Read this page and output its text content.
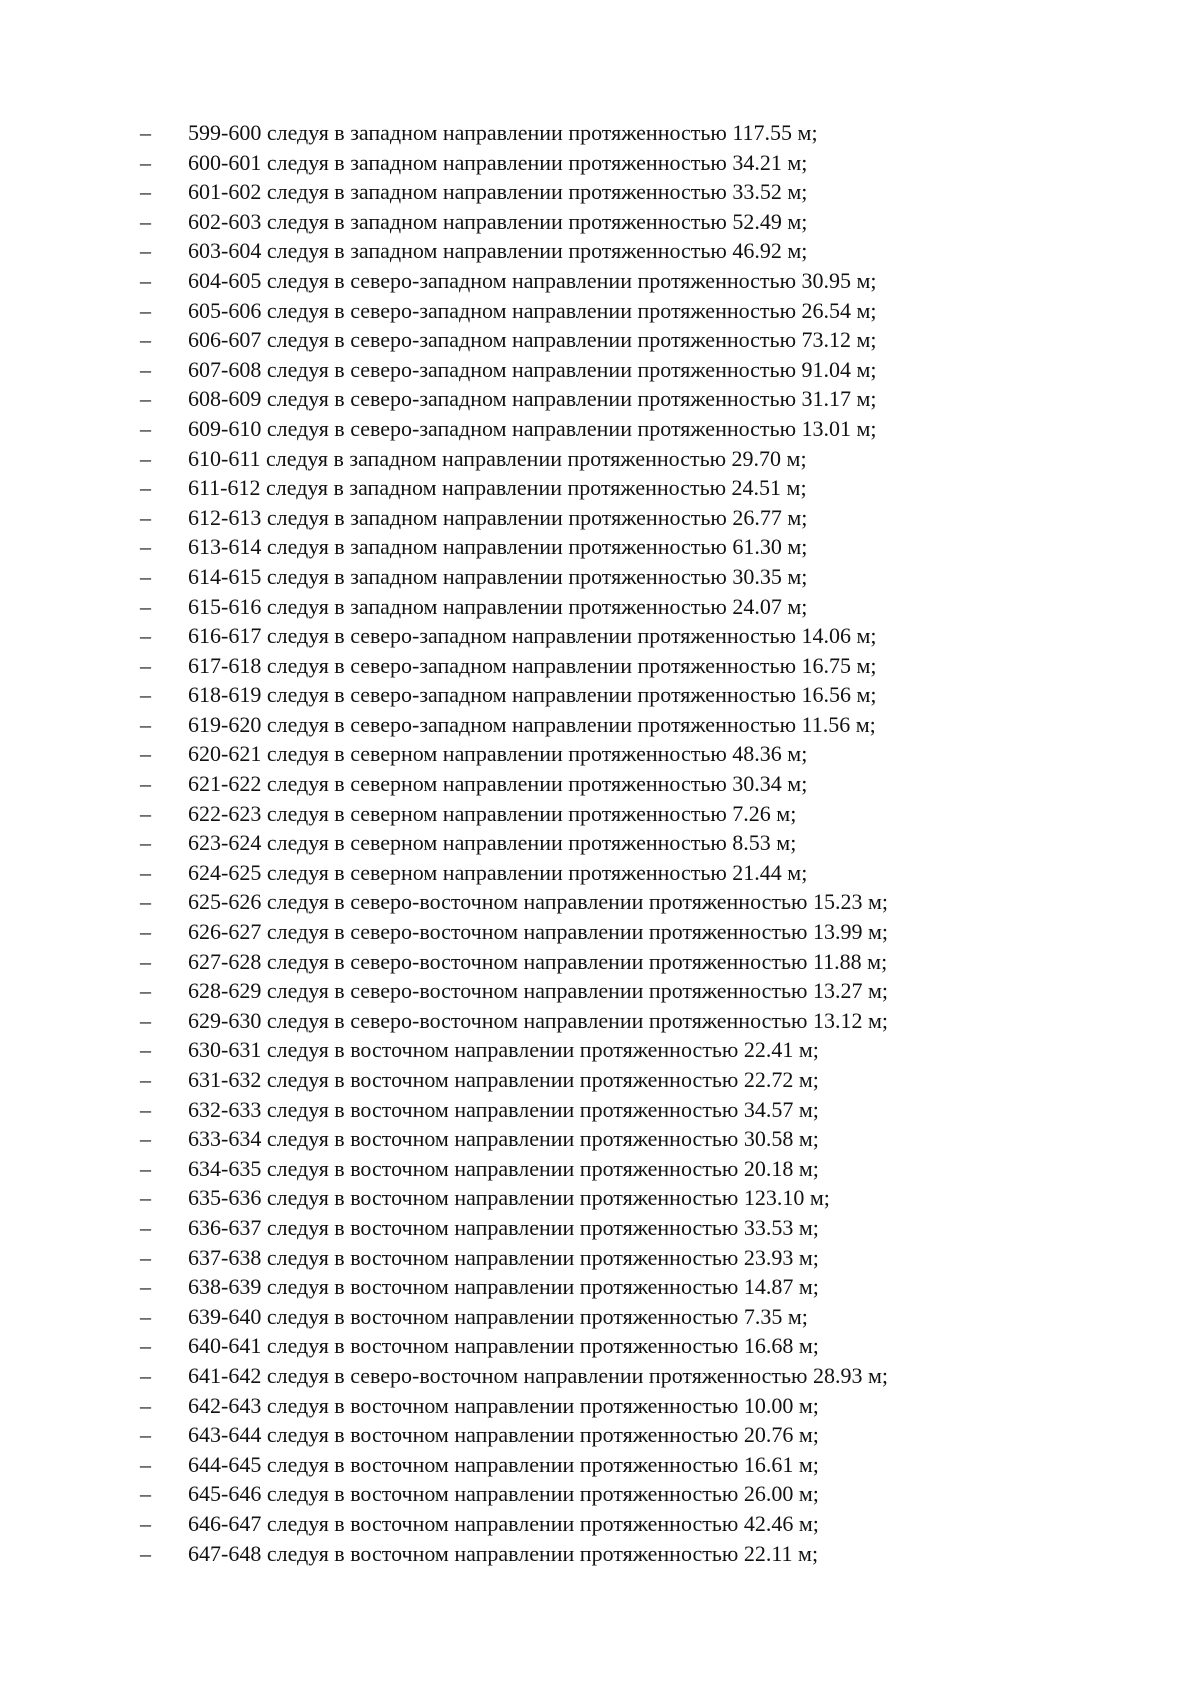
–	599-600 следуя в западном направлении протяженностью 117.55 м;
–	600-601 следуя в западном направлении протяженностью 34.21 м;
–	601-602 следуя в западном направлении протяженностью 33.52 м;
–	602-603 следуя в западном направлении протяженностью 52.49 м;
–	603-604 следуя в западном направлении протяженностью 46.92 м;
–	604-605 следуя в северо-западном направлении протяженностью 30.95 м;
–	605-606 следуя в северо-западном направлении протяженностью 26.54 м;
–	606-607 следуя в северо-западном направлении протяженностью 73.12 м;
–	607-608 следуя в северо-западном направлении протяженностью 91.04 м;
–	608-609 следуя в северо-западном направлении протяженностью 31.17 м;
–	609-610 следуя в северо-западном направлении протяженностью 13.01 м;
–	610-611 следуя в западном направлении протяженностью 29.70 м;
–	611-612 следуя в западном направлении протяженностью 24.51 м;
–	612-613 следуя в западном направлении протяженностью 26.77 м;
–	613-614 следуя в западном направлении протяженностью 61.30 м;
–	614-615 следуя в западном направлении протяженностью 30.35 м;
–	615-616 следуя в западном направлении протяженностью 24.07 м;
–	616-617 следуя в северо-западном направлении протяженностью 14.06 м;
–	617-618 следуя в северо-западном направлении протяженностью 16.75 м;
–	618-619 следуя в северо-западном направлении протяженностью 16.56 м;
–	619-620 следуя в северо-западном направлении протяженностью 11.56 м;
–	620-621 следуя в северном направлении протяженностью 48.36 м;
–	621-622 следуя в северном направлении протяженностью 30.34 м;
–	622-623 следуя в северном направлении протяженностью 7.26 м;
–	623-624 следуя в северном направлении протяженностью 8.53 м;
–	624-625 следуя в северном направлении протяженностью 21.44 м;
–	625-626 следуя в северо-восточном направлении протяженностью 15.23 м;
–	626-627 следуя в северо-восточном направлении протяженностью 13.99 м;
–	627-628 следуя в северо-восточном направлении протяженностью 11.88 м;
–	628-629 следуя в северо-восточном направлении протяженностью 13.27 м;
–	629-630 следуя в северо-восточном направлении протяженностью 13.12 м;
–	630-631 следуя в восточном направлении протяженностью 22.41 м;
–	631-632 следуя в восточном направлении протяженностью 22.72 м;
–	632-633 следуя в восточном направлении протяженностью 34.57 м;
–	633-634 следуя в восточном направлении протяженностью 30.58 м;
–	634-635 следуя в восточном направлении протяженностью 20.18 м;
–	635-636 следуя в восточном направлении протяженностью 123.10 м;
–	636-637 следуя в восточном направлении протяженностью 33.53 м;
–	637-638 следуя в восточном направлении протяженностью 23.93 м;
–	638-639 следуя в восточном направлении протяженностью 14.87 м;
–	639-640 следуя в восточном направлении протяженностью 7.35 м;
–	640-641 следуя в восточном направлении протяженностью 16.68 м;
–	641-642 следуя в северо-восточном направлении протяженностью 28.93 м;
–	642-643 следуя в восточном направлении протяженностью 10.00 м;
–	643-644 следуя в восточном направлении протяженностью 20.76 м;
–	644-645 следуя в восточном направлении протяженностью 16.61 м;
–	645-646 следуя в восточном направлении протяженностью 26.00 м;
–	646-647 следуя в восточном направлении протяженностью 42.46 м;
–	647-648 следуя в восточном направлении протяженностью 22.11 м;
